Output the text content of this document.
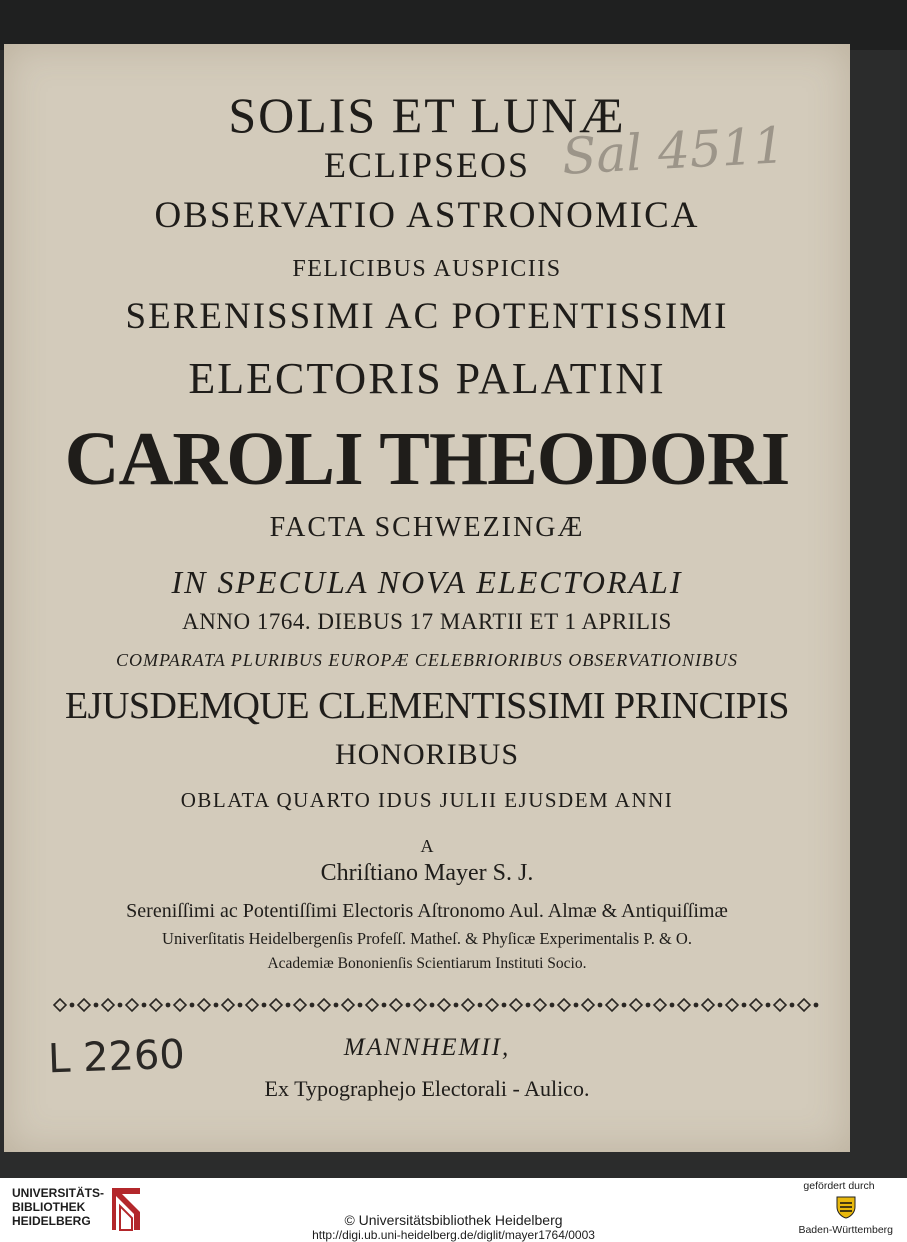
SOLIS ET LUNÆ
ECLIPSEOS
OBSERVATIO ASTRONOMICA
FELICIBUS AUSPICIIS
SERENISSIMI AC POTENTISSIMI
ELECTORIS PALATINI
CAROLI THEODORI
FACTA SCHWEZINGÆ
IN SPECULA NOVA ELECTORALI
ANNO 1764. DIEBUS 17 MARTII ET 1 APRILIS
COMPARATA PLURIBUS EUROPÆ CELEBRIORIBUS OBSERVATIONIBUS
EJUSDEMQUE CLEMENTISSIMI PRINCIPIS
HONORIBUS
OBLATA QUARTO IDUS JULII EJUSDEM ANNI
A
Chriſtiano Mayer S. J.
Sereniſſimi ac Potentiſſimi Electoris Aſtronomo Aul. Almæ & Antiquiſſimæ
Univerſitatis Heidelbergenſis Profeſſ. Matheſ. & Phyſicæ Experimentalis P. & O.
Academiæ Bononienſis Scientiarum Instituti Socio.
MANNHEMII,
Ex Typographejo Electorali - Aulico.
Sal 4511
L 2260
UNIVERSITÄTS-
BIBLIOTHEK
HEIDELBERG	© Universitätsbibliothek Heidelberg
http://digi.ub.uni-heidelberg.de/diglit/mayer1764/0003
gefördert durch
Baden-Württemberg
